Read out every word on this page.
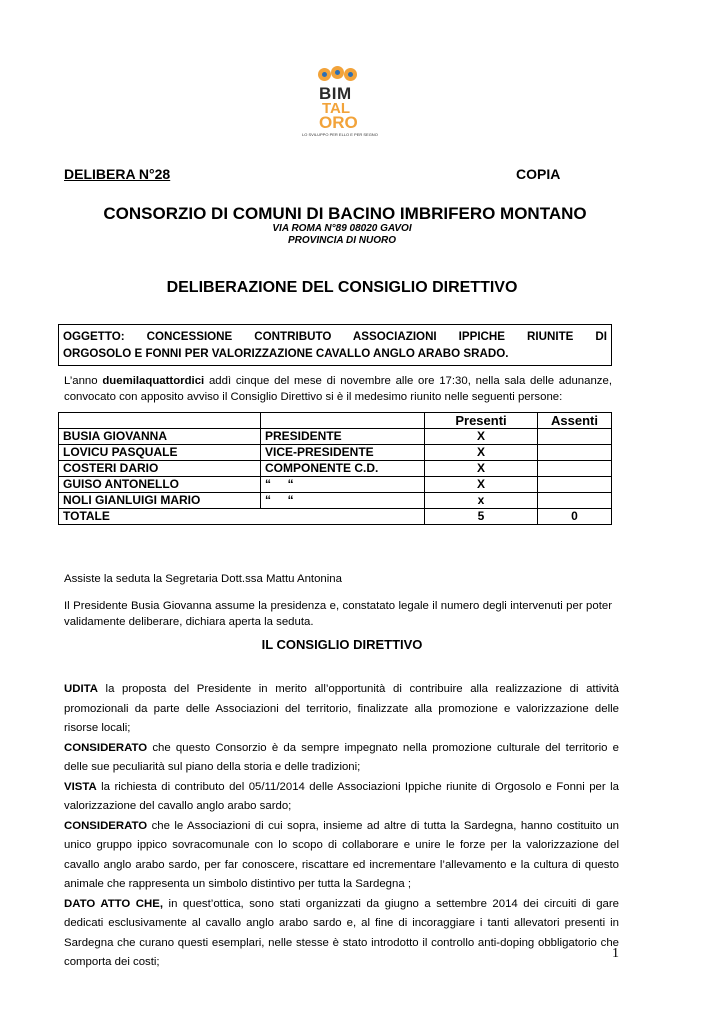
BIM
TAL
ORO
LO SVILUPPO PER ELLO E PER SEGNO
DELIBERA N°28	COPIA
CONSORZIO DI COMUNI DI BACINO IMBRIFERO MONTANO
VIA ROMA N°89 08020 GAVOI
PROVINCIA DI NUORO
DELIBERAZIONE DEL CONSIGLIO DIRETTIVO
OGGETTO: CONCESSIONE CONTRIBUTO ASSOCIAZIONI IPPICHE RIUNITE DI
ORGOSOLO E FONNI PER VALORIZZAZIONE CAVALLO ANGLO ARABO SRADO.
L’anno duemilaquattordici addì cinque del mese di novembre alle ore 17:30, nella sala delle adunanze, convocato con apposito avviso il Consiglio Direttivo si è il medesimo riunito nelle seguenti persone:
		Presenti	Assenti
BUSIA GIOVANNA	PRESIDENTE	X	
LOVICU PASQUALE	VICE-PRESIDENTE	X	
COSTERI DARIO	COMPONENTE C.D.	X	
GUISO ANTONELLO	“     “	X	
NOLI GIANLUIGI MARIO	“     “	x	
TOTALE		5	0
Assiste la seduta la Segretaria Dott.ssa Mattu Antonina
Il Presidente Busia Giovanna assume la presidenza e, constatato legale il numero degli intervenuti per poter validamente deliberare, dichiara aperta la seduta.
IL CONSIGLIO DIRETTIVO
UDITA la proposta del Presidente in merito all’opportunità di contribuire alla realizzazione di attività promozionali da parte delle Associazioni del territorio, finalizzate alla promozione e valorizzazione delle risorse locali;
CONSIDERATO che questo Consorzio è da sempre impegnato nella promozione culturale del territorio e delle sue peculiarità sul piano della storia e delle tradizioni;
VISTA la richiesta di contributo del 05/11/2014 delle Associazioni Ippiche riunite di Orgosolo e Fonni per la valorizzazione del cavallo anglo arabo sardo;
CONSIDERATO che le Associazioni di cui sopra, insieme ad altre di tutta la Sardegna, hanno costituito un unico gruppo ippico sovracomunale con lo scopo di collaborare e unire le forze per la valorizzazione del cavallo anglo arabo sardo, per far conoscere, riscattare ed incrementare l’allevamento e la cultura di questo animale che rappresenta un simbolo distintivo per tutta la Sardegna ;
DATO ATTO CHE, in quest’ottica, sono stati organizzati da giugno a settembre 2014 dei circuiti di gare dedicati esclusivamente al cavallo anglo arabo sardo e, al fine di incoraggiare i tanti allevatori presenti in Sardegna che curano questi esemplari, nelle stesse è stato introdotto il controllo anti-doping obbligatorio che comporta dei costi;
1
